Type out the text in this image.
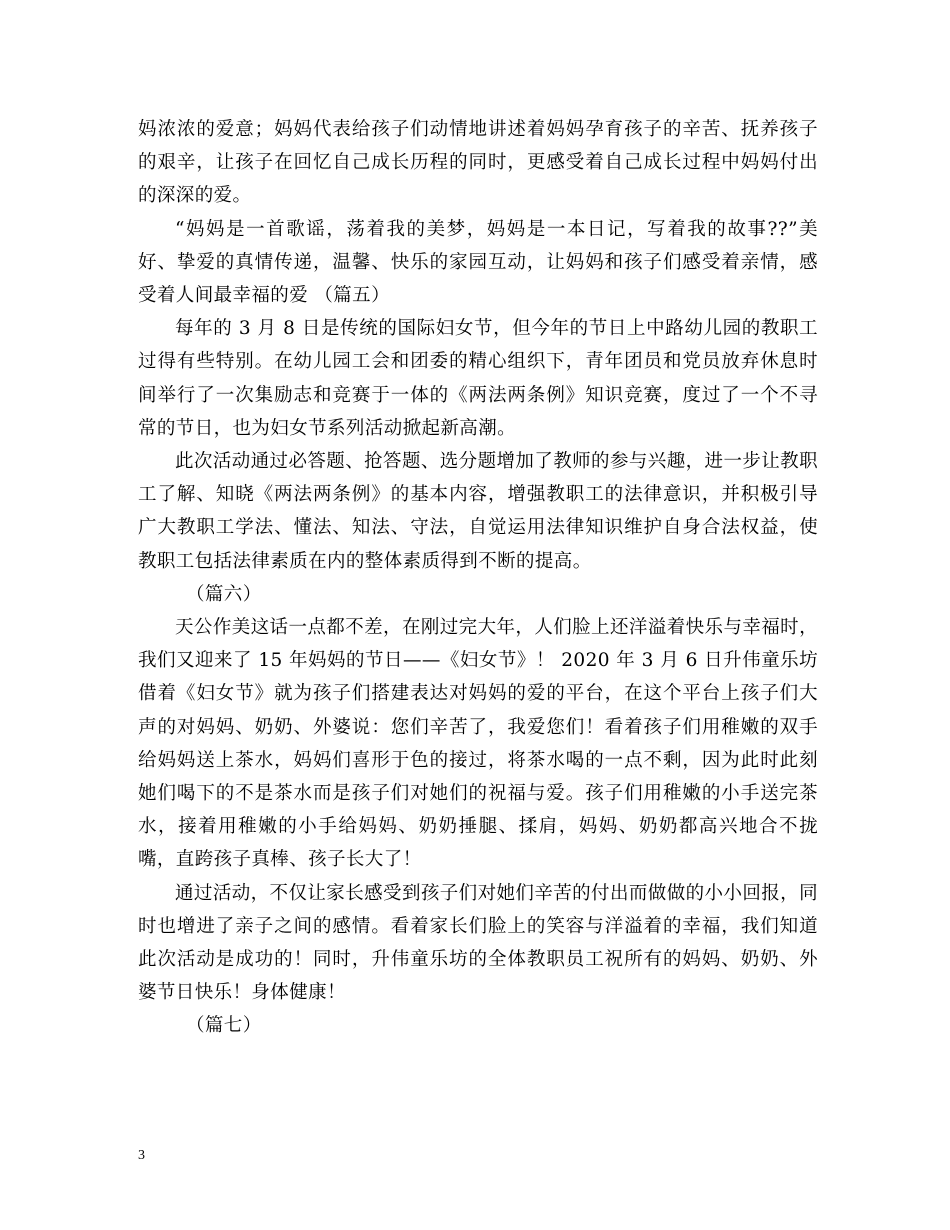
妈浓浓的爱意；妈妈代表给孩子们动情地讲述着妈妈孕育孩子的辛苦、抚养孩子的艰辛，让孩子在回忆自己成长历程的同时，更感受着自己成长过程中妈妈付出的深深的爱。

“妈妈是一首歌谣，荡着我的美梦，妈妈是一本日记，写着我的故事??”美好、挚爱的真情传递，温馨、快乐的家园互动，让妈妈和孩子们感受着亲情，感受着人间最幸福的爱 （篇五）

每年的 3 月 8 日是传统的国际妇女节，但今年的节日上中路幼儿园的教职工过得有些特别。在幼儿园工会和团委的精心组织下，青年团员和党员放弃休息时间举行了一次集励志和竞赛于一体的《两法两条例》知识竞赛，度过了一个不寻常的节日，也为妇女节系列活动掀起新高潮。

此次活动通过必答题、抢答题、选分题增加了教师的参与兴趣，进一步让教职工了解、知晓《两法两条例》的基本内容，增强教职工的法律意识，并积极引导广大教职工学法、懂法、知法、守法，自觉运用法律知识维护自身合法权益，使教职工包括法律素质在内的整体素质得到不断的提高。

（篇六）

天公作美这话一点都不差，在刚过完大年，人们脸上还洋溢着快乐与幸福时，我们又迎来了 15 年妈妈的节日——《妇女节》！ 2020 年 3 月 6 日升伟童乐坊借着《妇女节》就为孩子们搭建表达对妈妈的爱的平台，在这个平台上孩子们大声的对妈妈、奶奶、外婆说：您们辛苦了，我爱您们！看着孩子们用稚嫩的双手给妈妈送上茶水，妈妈们喜形于色的接过，将茶水喝的一点不剩，因为此时此刻她们喝下的不是茶水而是孩子们对她们的祝福与爱。孩子们用稚嫩的小手送完茶水，接着用稚嫩的小手给妈妈、奶奶捶腿、揉肩，妈妈、奶奶都高兴地合不拢嘴，直跨孩子真棒、孩子长大了！

通过活动，不仅让家长感受到孩子们对她们辛苦的付出而做做的小小回报，同时也增进了亲子之间的感情。看着家长们脸上的笑容与洋溢着的幸福，我们知道此次活动是成功的！同时，升伟童乐坊的全体教职员工祝所有的妈妈、奶奶、外婆节日快乐！身体健康！

（篇七）

3
